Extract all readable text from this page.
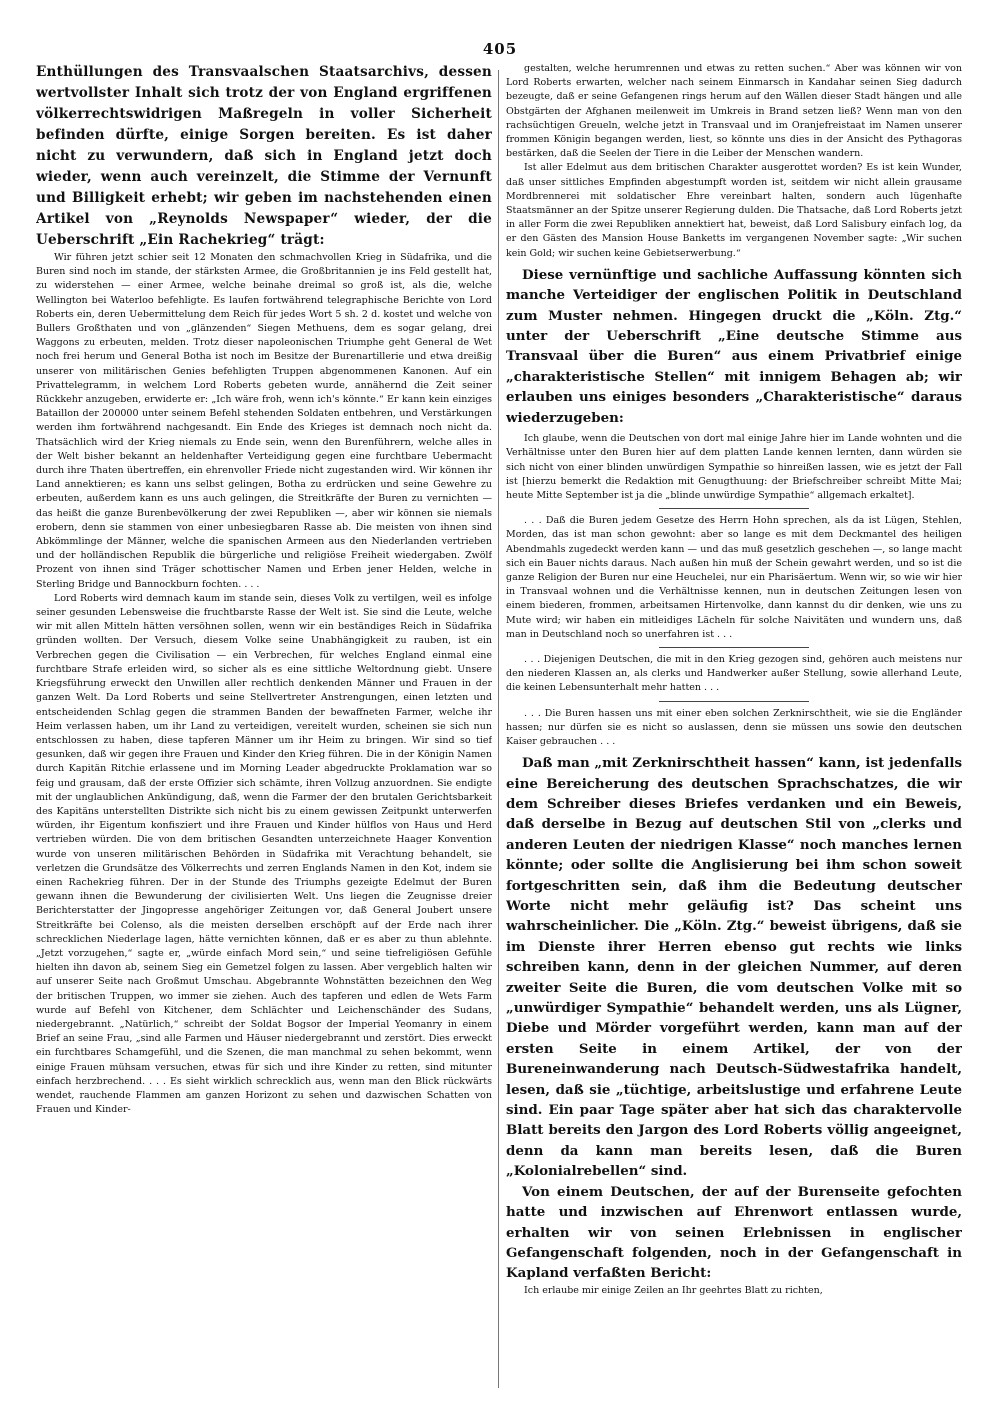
405

Enthüllungen des Transvaalschen Staatsarchivs, dessen wertvollster Inhalt sich trotz der von England ergriffenen völkerrechtswidrigen Maßregeln in voller Sicherheit befinden dürfte, einige Sorgen bereiten. Es ist daher nicht zu verwundern, daß sich in England jetzt doch wieder, wenn auch vereinzelt, die Stimme der Vernunft und Billigkeit erhebt; wir geben im nachstehenden einen Artikel von „Reynolds Newspaper“ wieder, der die Ueberschrift „Ein Rachekrieg“ trägt:

Wir führen jetzt schier seit 12 Monaten den schmachvollen Krieg in Südafrika, und die Buren sind noch im stande, der stärksten Armee, die Großbritannien je ins Feld gestellt hat, zu widerstehen — einer Armee, welche beinahe dreimal so groß ist, als die, welche Wellington bei Waterloo befehligte. Es laufen fortwährend telegraphische Berichte von Lord Roberts ein, deren Uebermittelung dem Reich für jedes Wort 5 sh. 2 d. kostet und welche von Bullers Großthaten und von „glänzenden“ Siegen Methuens, dem es sogar gelang, drei Waggons zu erbeuten, melden. Trotz dieser napoleonischen Triumphe geht General de Wet noch frei herum und General Botha ist noch im Besitze der Burenartillerie und etwa dreißig unserer von militärischen Genies befehligten Truppen abgenommenen Kanonen. Auf ein Privattelegramm, in welchem Lord Roberts gebeten wurde, annähernd die Zeit seiner Rückkehr anzugeben, erwiderte er: „Ich wäre froh, wenn ich's könnte.“ Er kann kein einziges Bataillon der 200000 unter seinem Befehl stehenden Soldaten entbehren, und Verstärkungen werden ihm fortwährend nachgesandt. Ein Ende des Krieges ist demnach noch nicht da. Thatsächlich wird der Krieg niemals zu Ende sein, wenn den Burenführern, welche alles in der Welt bisher bekannt an heldenhafter Verteidigung gegen eine furchtbare Uebermacht durch ihre Thaten übertreffen, ein ehrenvoller Friede nicht zugestanden wird. Wir können ihr Land annektieren; es kann uns selbst gelingen, Botha zu erdrücken und seine Gewehre zu erbeuten, außerdem kann es uns auch gelingen, die Streitkräfte der Buren zu vernichten — das heißt die ganze Burenbevölkerung der zwei Republiken —, aber wir können sie niemals erobern, denn sie stammen von einer unbesiegbaren Rasse ab. Die meisten von ihnen sind Abkömmlinge der Männer, welche die spanischen Armeen aus den Niederlanden vertrieben und der holländischen Republik die bürgerliche und religiöse Freiheit wiedergaben. Zwölf Prozent von ihnen sind Träger schottischer Namen und Erben jener Helden, welche in Sterling Bridge und Bannockburn fochten. . . .

Lord Roberts wird demnach kaum im stande sein, dieses Volk zu vertilgen, weil es infolge seiner gesunden Lebensweise die fruchtbarste Rasse der Welt ist. Sie sind die Leute, welche wir mit allen Mitteln hätten versöhnen sollen, wenn wir ein beständiges Reich in Südafrika gründen wollten. Der Versuch, diesem Volke seine Unabhängigkeit zu rauben, ist ein Verbrechen gegen die Civilisation — ein Verbrechen, für welches England einmal eine furchtbare Strafe erleiden wird, so sicher als es eine sittliche Weltordnung giebt. Unsere Kriegsführung erweckt den Unwillen aller rechtlich denkenden Männer und Frauen in der ganzen Welt. Da Lord Roberts und seine Stellvertreter Anstrengungen, einen letzten und entscheidenden Schlag gegen die strammen Banden der bewaffneten Farmer, welche ihr Heim verlassen haben, um ihr Land zu verteidigen, vereitelt wurden, scheinen sie sich nun entschlossen zu haben, diese tapferen Männer um ihr Heim zu bringen. Wir sind so tief gesunken, daß wir gegen ihre Frauen und Kinder den Krieg führen. Die in der Königin Namen durch Kapitän Ritchie erlassene und im Morning Leader abgedruckte Proklamation war so feig und grausam, daß der erste Offizier sich schämte, ihren Vollzug anzuordnen. Sie endigte mit der unglaublichen Ankündigung, daß, wenn die Farmer der den brutalen Gerichtsbarkeit des Kapitäns unterstellten Distrikte sich nicht bis zu einem gewissen Zeitpunkt unterwerfen würden, ihr Eigentum konfisziert und ihre Frauen und Kinder hülflos von Haus und Herd vertrieben würden. Die von dem britischen Gesandten unterzeichnete Haager Konvention wurde von unseren militärischen Behörden in Südafrika mit Verachtung behandelt, sie verletzen die Grundsätze des Völkerrechts und zerren Englands Namen in den Kot, indem sie einen Rachekrieg führen. Der in der Stunde des Triumphs gezeigte Edelmut der Buren gewann ihnen die Bewunderung der civilisierten Welt. Uns liegen die Zeugnisse dreier Berichterstatter der Jingopresse angehöriger Zeitungen vor, daß General Joubert unsere Streitkräfte bei Colenso, als die meisten derselben erschöpft auf der Erde nach ihrer schrecklichen Niederlage lagen, hätte vernichten können, daß er es aber zu thun ablehnte. „Jetzt vorzugehen,“ sagte er, „würde einfach Mord sein,“ und seine tiefreligiösen Gefühle hielten ihn davon ab, seinem Sieg ein Gemetzel folgen zu lassen. Aber vergeblich halten wir auf unserer Seite nach Großmut Umschau. Abgebrannte Wohnstätten bezeichnen den Weg der britischen Truppen, wo immer sie ziehen. Auch des tapferen und edlen de Wets Farm wurde auf Befehl von Kitchener, dem Schlächter und Leichenschänder des Sudans, niedergebrannt. „Natürlich,“ schreibt der Soldat Bogsor der Imperial Yeomanry in einem Brief an seine Frau, „sind alle Farmen und Häuser niedergebrannt und zerstört. Dies erweckt ein furchtbares Schamgefühl, und die Szenen, die man manchmal zu sehen bekommt, wenn einige Frauen mühsam versuchen, etwas für sich und ihre Kinder zu retten, sind mitunter einfach herzbrechend. . . . Es sieht wirklich schrecklich aus, wenn man den Blick rückwärts wendet, rauchende Flammen am ganzen Horizont zu sehen und dazwischen Schatten von Frauen und Kinder-

gestalten, welche herumrennen und etwas zu retten suchen.“ Aber was können wir von Lord Roberts erwarten, welcher nach seinem Einmarsch in Kandahar seinen Sieg dadurch bezeugte, daß er seine Gefangenen rings herum auf den Wällen dieser Stadt hängen und alle Obstgärten der Afghanen meilenweit im Umkreis in Brand setzen ließ? Wenn man von den rachsüchtigen Greueln, welche jetzt in Transvaal und im Oranjefreistaat im Namen unserer frommen Königin begangen werden, liest, so könnte uns dies in der Ansicht des Pythagoras bestärken, daß die Seelen der Tiere in die Leiber der Menschen wandern.

Ist aller Edelmut aus dem britischen Charakter ausgerottet worden? Es ist kein Wunder, daß unser sittliches Empfinden abgestumpft worden ist, seitdem wir nicht allein grausame Mordbrennerei mit soldatischer Ehre vereinbart halten, sondern auch lügenhafte Staatsmänner an der Spitze unserer Regierung dulden. Die Thatsache, daß Lord Roberts jetzt in aller Form die zwei Republiken annektiert hat, beweist, daß Lord Salisbury einfach log, da er den Gästen des Mansion House Banketts im vergangenen November sagte: „Wir suchen kein Gold; wir suchen keine Gebietserwerbung.“

Diese vernünftige und sachliche Auffassung könnten sich manche Verteidiger der englischen Politik in Deutschland zum Muster nehmen. Hingegen druckt die „Köln. Ztg.“ unter der Ueberschrift „Eine deutsche Stimme aus Transvaal über die Buren“ aus einem Privatbrief einige „charakteristische Stellen“ mit innigem Behagen ab; wir erlauben uns einiges besonders „Charakteristische“ daraus wiederzugeben:

Ich glaube, wenn die Deutschen von dort mal einige Jahre hier im Lande wohnten und die Verhältnisse unter den Buren hier auf dem platten Lande kennen lernten, dann würden sie sich nicht von einer blinden unwürdigen Sympathie so hinreißen lassen, wie es jetzt der Fall ist [hierzu bemerkt die Redaktion mit Genugthuung: der Briefschreiber schreibt Mitte Mai; heute Mitte September ist ja die „blinde unwürdige Sympathie“ allgemach erkaltet].

. . . Daß die Buren jedem Gesetze des Herrn Hohn sprechen, als da ist Lügen, Stehlen, Morden, das ist man schon gewohnt: aber so lange es mit dem Deckmantel des heiligen Abendmahls zugedeckt werden kann — und das muß gesetzlich geschehen —, so lange macht sich ein Bauer nichts daraus. Nach außen hin muß der Schein gewahrt werden, und so ist die ganze Religion der Buren nur eine Heuchelei, nur ein Pharisäertum. Wenn wir, so wie wir hier in Transvaal wohnen und die Verhältnisse kennen, nun in deutschen Zeitungen lesen von einem biederen, frommen, arbeitsamen Hirtenvolke, dann kannst du dir denken, wie uns zu Mute wird; wir haben ein mitleidiges Lächeln für solche Naivitäten und wundern uns, daß man in Deutschland noch so unerfahren ist . . .

. . . Diejenigen Deutschen, die mit in den Krieg gezogen sind, gehören auch meistens nur den niederen Klassen an, als clerks und Handwerker außer Stellung, sowie allerhand Leute, die keinen Lebensunterhalt mehr hatten . . .

. . . Die Buren hassen uns mit einer eben solchen Zerknirschtheit, wie sie die Engländer hassen; nur dürfen sie es nicht so auslassen, denn sie müssen uns sowie den deutschen Kaiser gebrauchen . . .

Daß man „mit Zerknirschtheit hassen“ kann, ist jedenfalls eine Bereicherung des deutschen Sprachschatzes, die wir dem Schreiber dieses Briefes verdanken und ein Beweis, daß derselbe in Bezug auf deutschen Stil von „clerks und anderen Leuten der niedrigen Klasse“ noch manches lernen könnte; oder sollte die Anglisierung bei ihm schon soweit fortgeschritten sein, daß ihm die Bedeutung deutscher Worte nicht mehr geläufig ist? Das scheint uns wahrscheinlicher. Die „Köln. Ztg.“ beweist übrigens, daß sie im Dienste ihrer Herren ebenso gut rechts wie links schreiben kann, denn in der gleichen Nummer, auf deren zweiter Seite die Buren, die vom deutschen Volke mit so „unwürdiger Sympathie“ behandelt werden, uns als Lügner, Diebe und Mörder vorgeführt werden, kann man auf der ersten Seite in einem Artikel, der von der Bureneinwanderung nach Deutsch-Südwestafrika handelt, lesen, daß sie „tüchtige, arbeitslustige und erfahrene Leute sind. Ein paar Tage später aber hat sich das charaktervolle Blatt bereits den Jargon des Lord Roberts völlig angeeignet, denn da kann man bereits lesen, daß die Buren „Kolonialrebellen“ sind.

Von einem Deutschen, der auf der Burenseite gefochten hatte und inzwischen auf Ehrenwort entlassen wurde, erhalten wir von seinen Erlebnissen in englischer Gefangenschaft folgenden, noch in der Gefangenschaft in Kapland verfaßten Bericht:

Ich erlaube mir einige Zeilen an Ihr geehrtes Blatt zu richten,
